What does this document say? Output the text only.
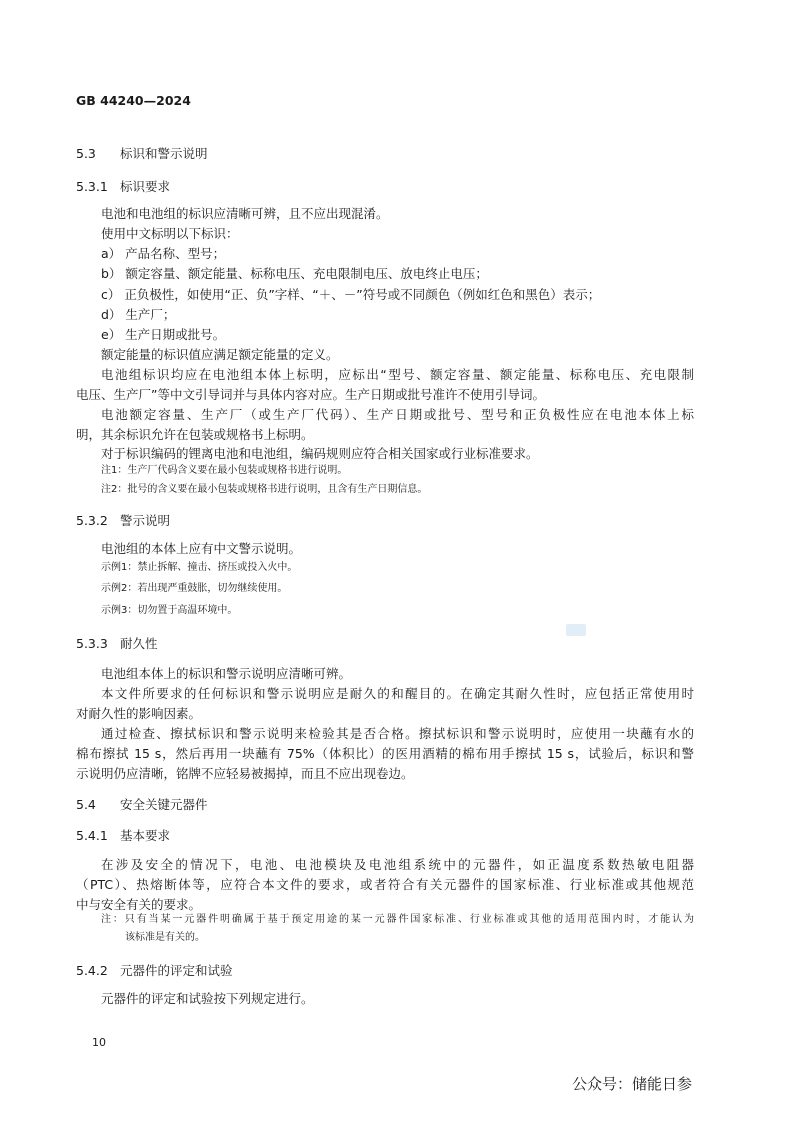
GB 44240—2024
5.3 标识和警示说明
5.3.1 标识要求
电池和电池组的标识应清晰可辨，且不应出现混淆。
使用中文标明以下标识：
a） 产品名称、型号；
b） 额定容量、额定能量、标称电压、充电限制电压、放电终止电压；
c） 正负极性，如使用“正、负”字样、“＋、－”符号或不同颜色（例如红色和黑色）表示；
d） 生产厂；
e） 生产日期或批号。
额定能量的标识值应满足额定能量的定义。
电池组标识均应在电池组本体上标明，应标出“型号、额定容量、额定能量、标称电压、充电限制
电压、生产厂”等中文引导词并与具体内容对应。生产日期或批号准许不使用引导词。
电池额定容量、生产厂（或生产厂代码）、生产日期或批号、型号和正负极性应在电池本体上标
明，其余标识允许在包装或规格书上标明。
对于标识编码的锂离电池和电池组，编码规则应符合相关国家或行业标准要求。
注1：生产厂代码含义要在最小包装或规格书进行说明。
注2：批号的含义要在最小包装或规格书进行说明，且含有生产日期信息。
5.3.2 警示说明
电池组的本体上应有中文警示说明。
示例1：禁止拆解、撞击、挤压或投入火中。
示例2：若出现严重鼓胀，切勿继续使用。
示例3：切勿置于高温环境中。
5.3.3 耐久性
电池组本体上的标识和警示说明应清晰可辨。
本文件所要求的任何标识和警示说明应是耐久的和醒目的。在确定其耐久性时，应包括正常使用时
对耐久性的影响因素。
通过检查、擦拭标识和警示说明来检验其是否合格。擦拭标识和警示说明时，应使用一块蘸有水的
棉布擦拭 15 s，然后再用一块蘸有 75%（体积比）的医用酒精的棉布用手擦拭 15 s，试验后，标识和警
示说明仍应清晰，铭牌不应轻易被揭掉，而且不应出现卷边。
5.4 安全关键元器件
5.4.1 基本要求
在涉及安全的情况下，电池、电池模块及电池组系统中的元器件，如正温度系数热敏电阻器
（PTC）、热熔断体等，应符合本文件的要求，或者符合有关元器件的国家标准、行业标准或其他规范
中与安全有关的要求。
注：只有当某一元器件明确属于基于预定用途的某一元器件国家标准、行业标准或其他的适用范围内时，才能认为
该标准是有关的。
5.4.2 元器件的评定和试验
元器件的评定和试验按下列规定进行。
10
公众号：储能日参
